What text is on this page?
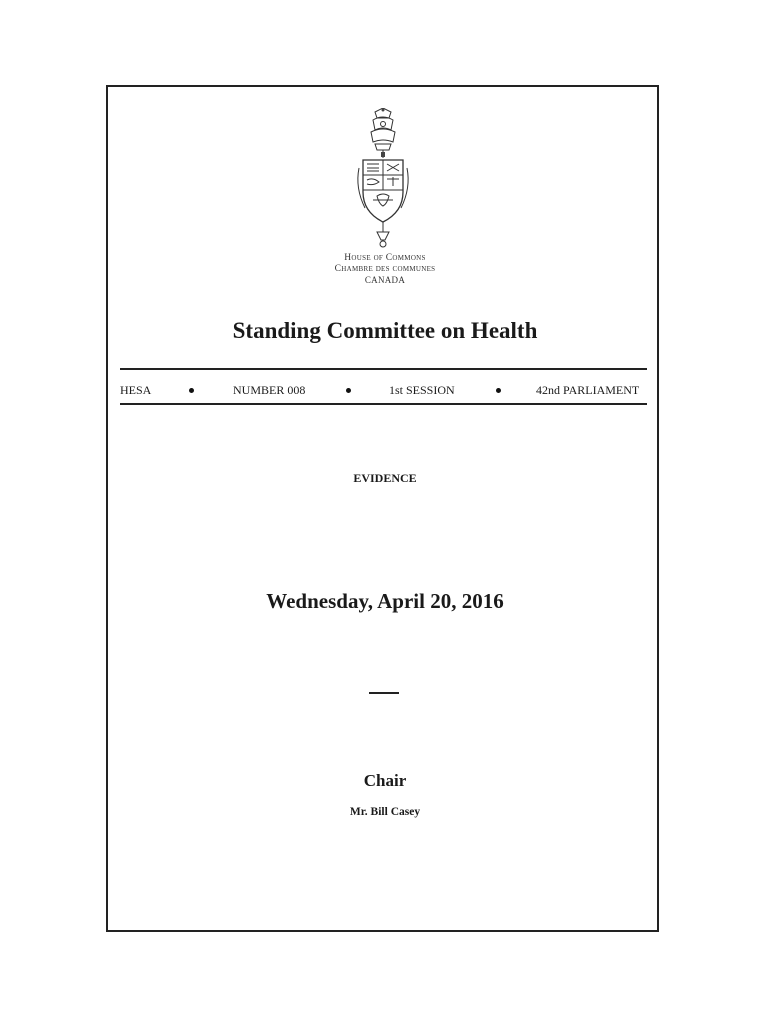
House of Commons
Chambre des communes
CANADA
Standing Committee on Health
HESA	NUMBER 008	1st SESSION	42nd PARLIAMENT
EVIDENCE
Wednesday, April 20, 2016
Chair
Mr. Bill Casey
